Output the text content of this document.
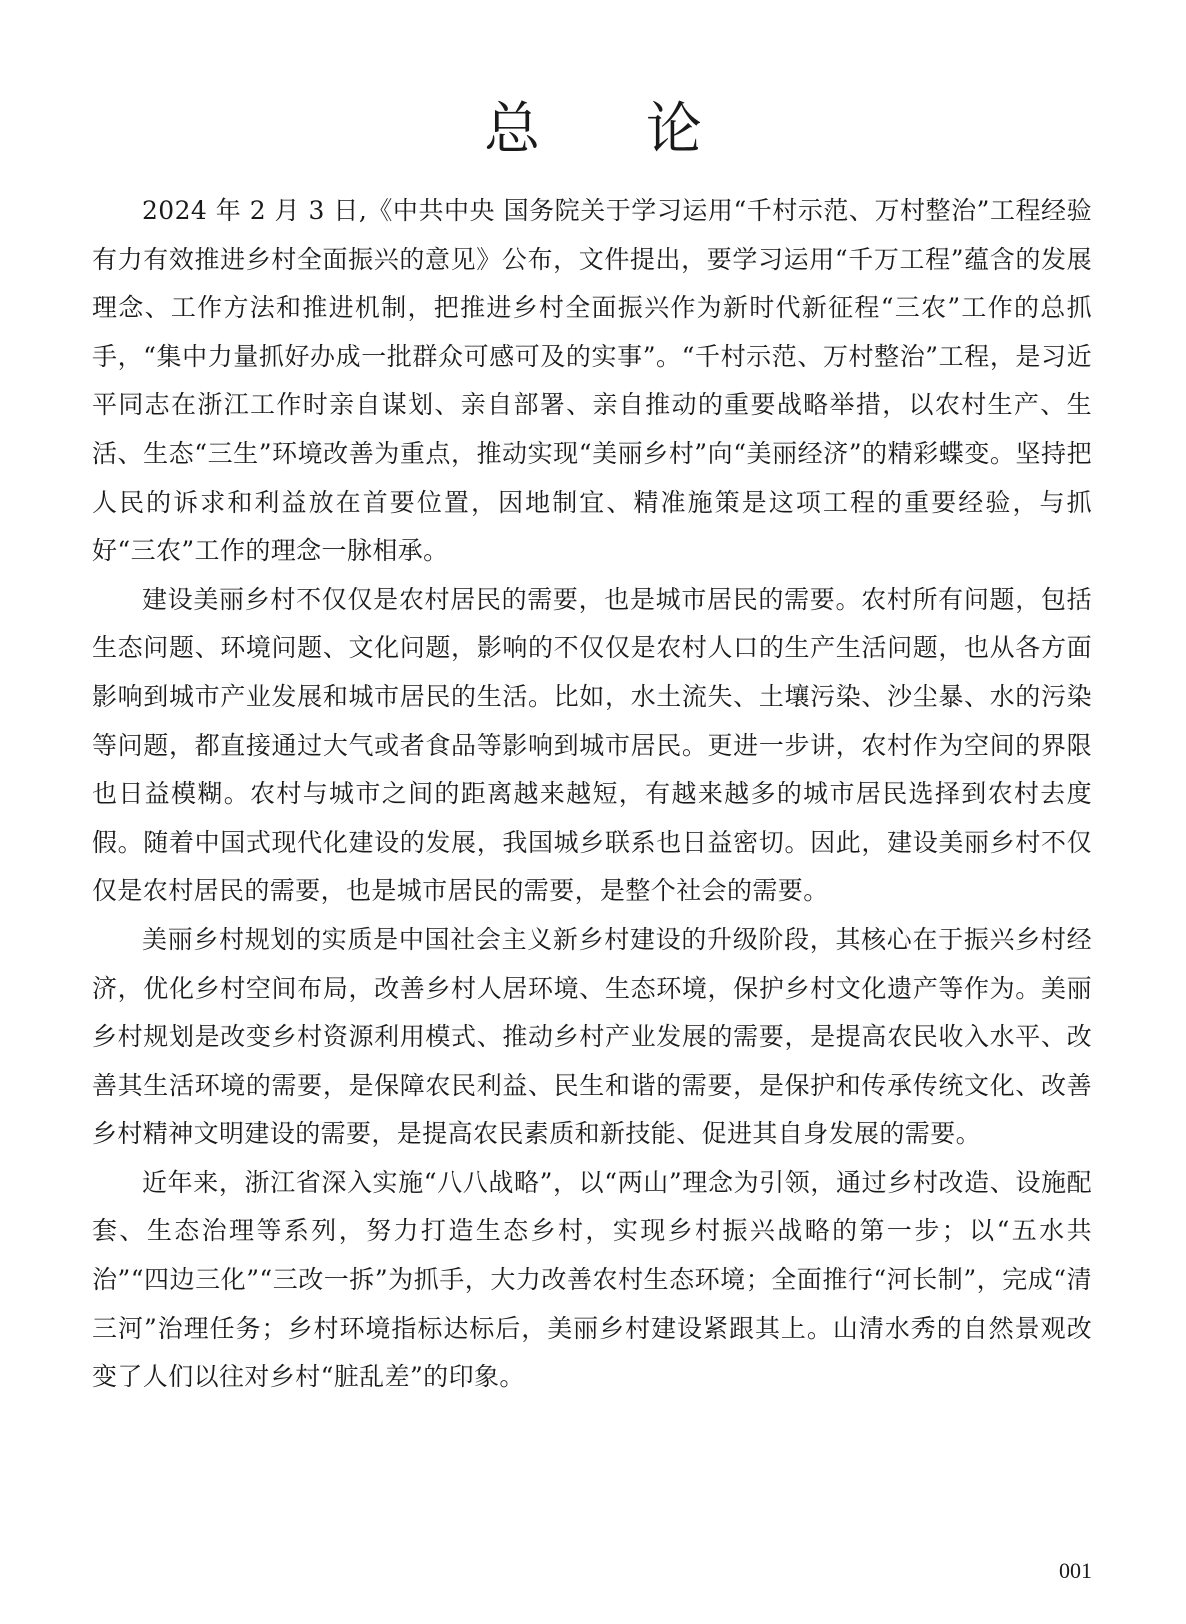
总 论

2024 年 2 月 3 日,《中共中央 国务院关于学习运用“千村示范、万村整治”工程经验有力有效推进乡村全面振兴的意见》公布，文件提出，要学习运用“千万工程”蕴含的发展理念、工作方法和推进机制，把推进乡村全面振兴作为新时代新征程“三农”工作的总抓手，“集中力量抓好办成一批群众可感可及的实事”。“千村示范、万村整治”工程，是习近平同志在浙江工作时亲自谋划、亲自部署、亲自推动的重要战略举措，以农村生产、生活、生态“三生”环境改善为重点，推动实现“美丽乡村”向“美丽经济”的精彩蝶变。坚持把人民的诉求和利益放在首要位置，因地制宜、精准施策是这项工程的重要经验，与抓好“三农”工作的理念一脉相承。

建设美丽乡村不仅仅是农村居民的需要，也是城市居民的需要。农村所有问题，包括生态问题、环境问题、文化问题，影响的不仅仅是农村人口的生产生活问题，也从各方面影响到城市产业发展和城市居民的生活。比如，水土流失、土壤污染、沙尘暴、水的污染等问题，都直接通过大气或者食品等影响到城市居民。更进一步讲，农村作为空间的界限也日益模糊。农村与城市之间的距离越来越短，有越来越多的城市居民选择到农村去度假。随着中国式现代化建设的发展，我国城乡联系也日益密切。因此，建设美丽乡村不仅仅是农村居民的需要，也是城市居民的需要，是整个社会的需要。

美丽乡村规划的实质是中国社会主义新乡村建设的升级阶段，其核心在于振兴乡村经济，优化乡村空间布局，改善乡村人居环境、生态环境，保护乡村文化遗产等作为。美丽乡村规划是改变乡村资源利用模式、推动乡村产业发展的需要，是提高农民收入水平、改善其生活环境的需要，是保障农民利益、民生和谐的需要，是保护和传承传统文化、改善乡村精神文明建设的需要，是提高农民素质和新技能、促进其自身发展的需要。

近年来，浙江省深入实施“八八战略”，以“两山”理念为引领，通过乡村改造、设施配套、生态治理等系列，努力打造生态乡村，实现乡村振兴战略的第一步；以“五水共治”“四边三化”“三改一拆”为抓手，大力改善农村生态环境；全面推行“河长制”，完成“清三河”治理任务；乡村环境指标达标后，美丽乡村建设紧跟其上。山清水秀的自然景观改变了人们以往对乡村“脏乱差”的印象。

001
